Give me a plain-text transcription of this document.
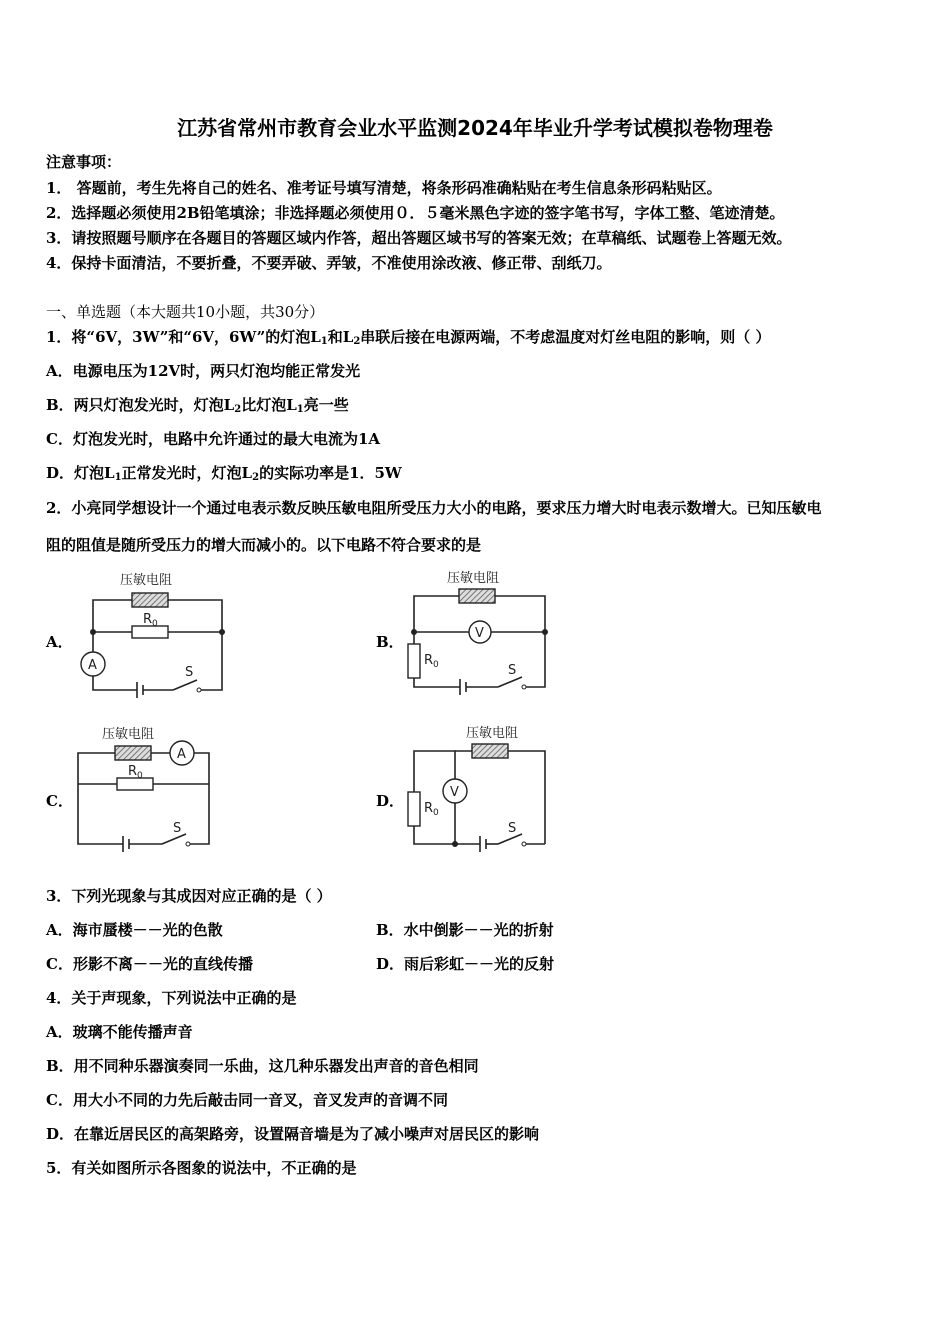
江苏省常州市教育会业水平监测2024年毕业升学考试模拟卷物理卷
注意事项：
1． 答题前，考生先将自己的姓名、准考证号填写清楚，将条形码准确粘贴在考生信息条形码粘贴区。
2．选择题必须使用2B铅笔填涂；非选择题必须使用０．５毫米黑色字迹的签字笔书写，字体工整、笔迹清楚。
3．请按照题号顺序在各题目的答题区域内作答，超出答题区域书写的答案无效；在草稿纸、试题卷上答题无效。
4．保持卡面清洁，不要折叠，不要弄破、弄皱，不准使用涂改液、修正带、刮纸刀。
一、单选题（本大题共10小题，共30分）
1．将“6V，3W”和“6V，6W”的灯泡$L_1$和$L_2$串联后接在电源两端，不考虑温度对灯丝电阻的影响，则（ ）
A．电源电压为12V时，两只灯泡均能正常发光
B．两只灯泡发光时，灯泡$L_2$比灯泡$L_1$亮一些
C．灯泡发光时，电路中允许通过的最大电流为1A
D．灯泡$L_1$正常发光时，灯泡$L_2$的实际功率是1．5W
2．小亮同学想设计一个通过电表示数反映压敏电阻所受压力大小的电路，要求压力增大时电表示数增大。已知压敏电
阻的阻值是随所受压力的增大而减小的。以下电路不符合要求的是
A．	B．
C．	D．
压敏电阻
$R_0$
A	S
压敏电阻
V
$R_0$	S
压敏电阻
A
$R_0$
S
压敏电阻
V
$R_0$
S
3．下列光现象与其成因对应正确的是（ ）
A．海市蜃楼－－光的色散	B．水中倒影－－光的折射
C．形影不离－－光的直线传播	D．雨后彩虹－－光的反射
4．关于声现象，下列说法中正确的是
A．玻璃不能传播声音
B．用不同种乐器演奏同一乐曲，这几种乐器发出声音的音色相同
C．用大小不同的力先后敲击同一音叉，音叉发声的音调不同
D．在靠近居民区的高架路旁，设置隔音墙是为了减小噪声对居民区的影响
5．有关如图所示各图象的说法中，不正确的是
